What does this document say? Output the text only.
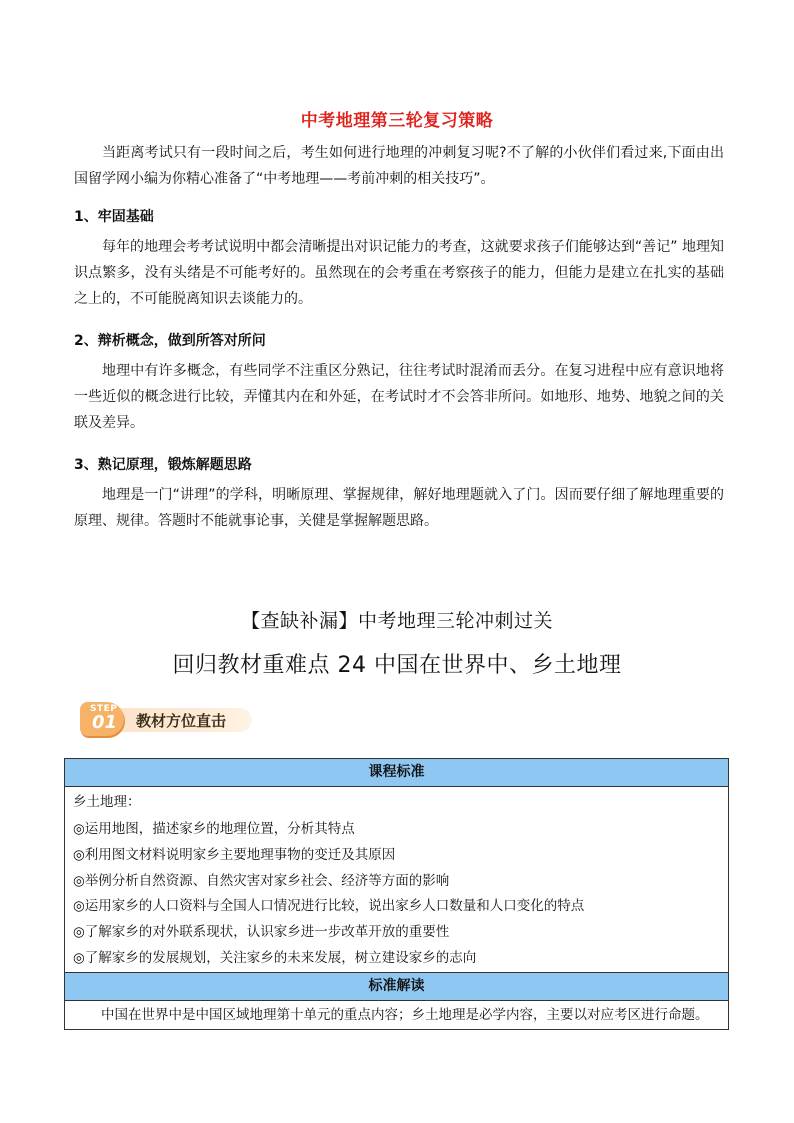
中考地理第三轮复习策略

当距离考试只有一段时间之后，考生如何进行地理的冲刺复习呢?不了解的小伙伴们看过来,下面由出国留学网小编为你精心准备了“中考地理——考前冲刺的相关技巧”。

1、牢固基础

每年的地理会考考试说明中都会清晰提出对识记能力的考查，这就要求孩子们能够达到“善记” 地理知识点繁多，没有头绪是不可能考好的。虽然现在的会考重在考察孩子的能力，但能力是建立在扎实的基础之上的，不可能脱离知识去谈能力的。

2、辩析概念，做到所答对所问

地理中有许多概念，有些同学不注重区分熟记，往往考试时混淆而丢分。在复习进程中应有意识地将一些近似的概念进行比较，弄懂其内在和外延，在考试时才不会答非所问。如地形、地势、地貌之间的关联及差异。

3、熟记原理，锻炼解题思路

地理是一门“讲理”的学科，明晰原理、掌握规律，解好地理题就入了门。因而要仔细了解地理重要的原理、规律。答题时不能就事论事，关健是掌握解题思路。

【查缺补漏】中考地理三轮冲刺过关
回归教材重难点 24 中国在世界中、乡土地理
STEP
01 教材方位直击
课程标准

乡土地理：
◎运用地图，描述家乡的地理位置，分析其特点
◎利用图文材料说明家乡主要地理事物的变迁及其原因
◎举例分析自然资源、自然灾害对家乡社会、经济等方面的影响
◎运用家乡的人口资料与全国人口情况进行比较，说出家乡人口数量和人口变化的特点
◎了解家乡的对外联系现状，认识家乡进一步改革开放的重要性
◎了解家乡的发展规划，关注家乡的未来发展，树立建设家乡的志向

标准解读

中国在世界中是中国区域地理第十单元的重点内容；乡土地理是必学内容，主要以对应考区进行命题。
